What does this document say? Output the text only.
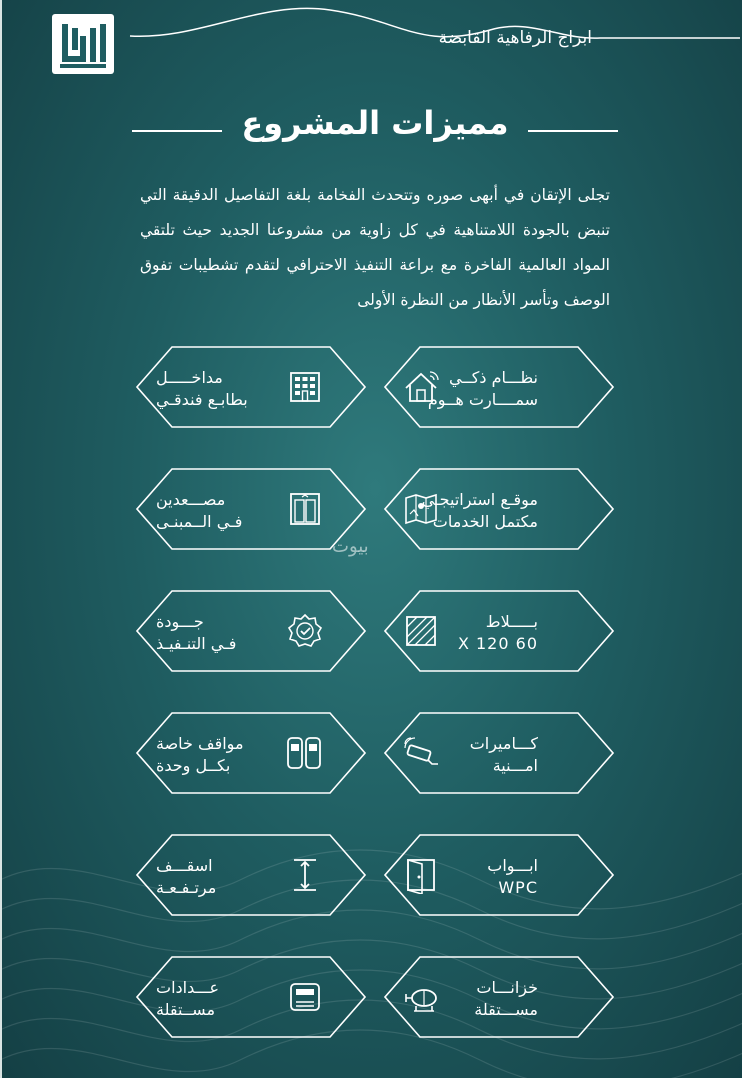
ابراج الرفاهية القابضة
مميزات المشروع
تجلى الإتقان في أبهى صوره وتتحدث الفخامة بلغة التفاصيل الدقيقة التي تنبض بالجودة اللامتناهية في كل زاوية من مشروعنا الجديد حيث تلتقي المواد العالمية الفاخرة مع براعة التنفيذ الاحترافي لتقدم تشطيبات تفوق الوصف وتأسر الأنظار من النظرة الأولى
بيوت
نظـــام ذكــي
سمــــارت هــوم
مداخـــــل
بطابـع فندقـي
موقـع استراتيجـي
مكتمل الخدمات
مصـــعدين
فـي الــمبنـى
بـــــلاط
60 X 120
جـــودة
فـي التنـفيـذ
كـــاميرات
امـــنية
مواقف خاصة
بكــل وحدة
ابـــواب
WPC
اسقـــف
مرتـفـعـة
خزانـــات
مســـتقلة
عـــدادات
مســتقلة
